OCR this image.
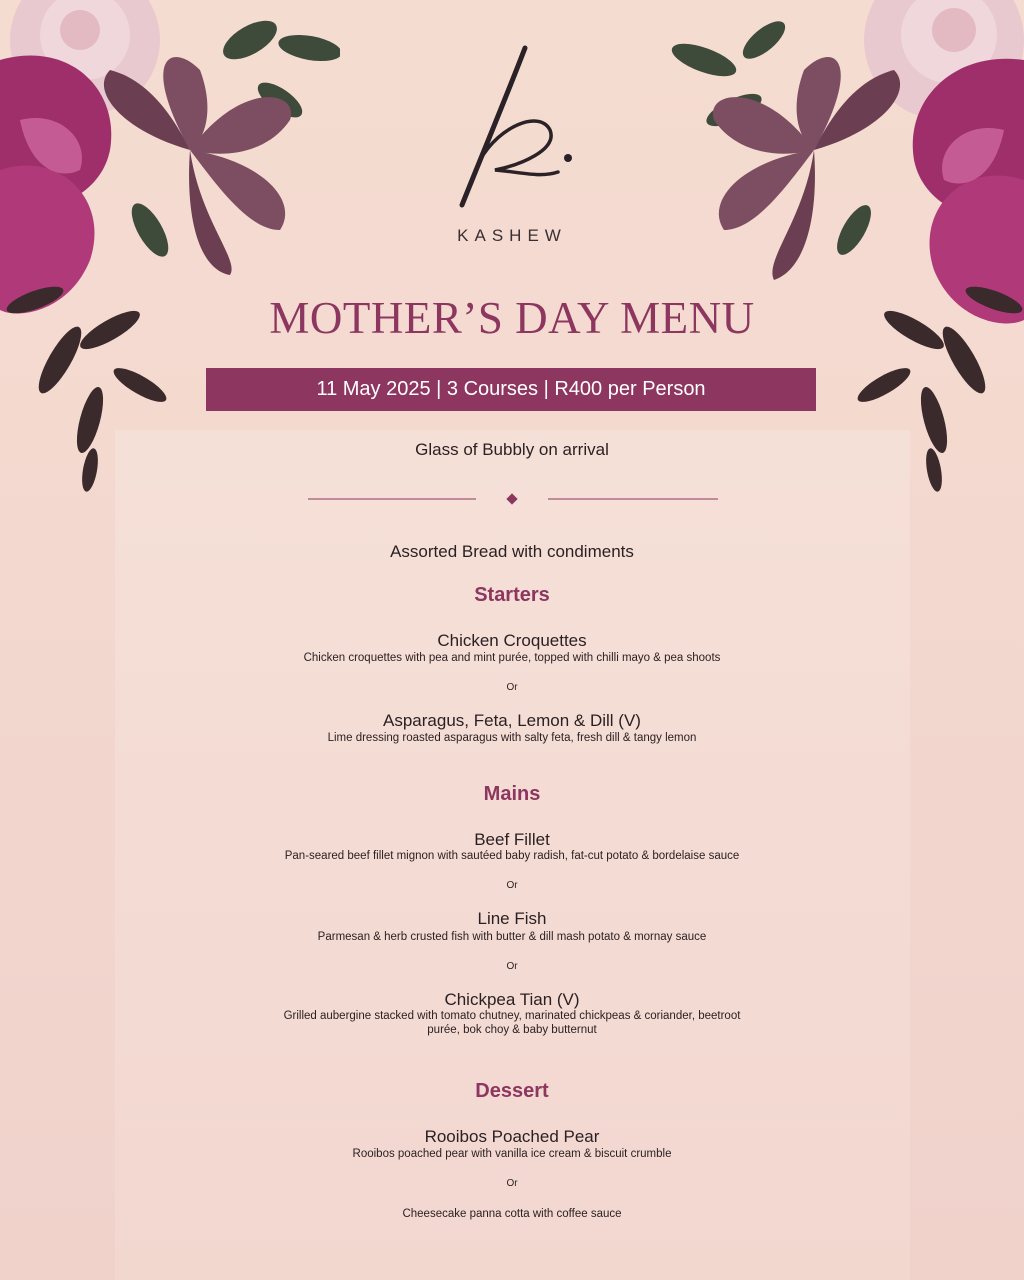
KASHEW
MOTHER’S DAY MENU
11 May 2025 | 3 Courses | R400 per Person
Glass of Bubbly on arrival
Assorted Bread with condiments
Starters
Chicken Croquettes
Chicken croquettes with pea and mint purée, topped with chilli mayo & pea shoots
Or
Asparagus, Feta, Lemon & Dill (V)
Lime dressing roasted asparagus with salty feta, fresh dill & tangy lemon
Mains
Beef Fillet
Pan-seared beef fillet mignon with sautéed baby radish, fat-cut potato & bordelaise sauce
Or
Line Fish
Parmesan & herb crusted fish with butter & dill mash potato & mornay sauce
Or
Chickpea Tian (V)
Grilled aubergine stacked with tomato chutney, marinated chickpeas & coriander, beetroot
purée, bok choy & baby butternut
Dessert
Rooibos Poached Pear
Rooibos poached pear with vanilla ice cream & biscuit crumble
Or
Cheesecake panna cotta with coffee sauce
